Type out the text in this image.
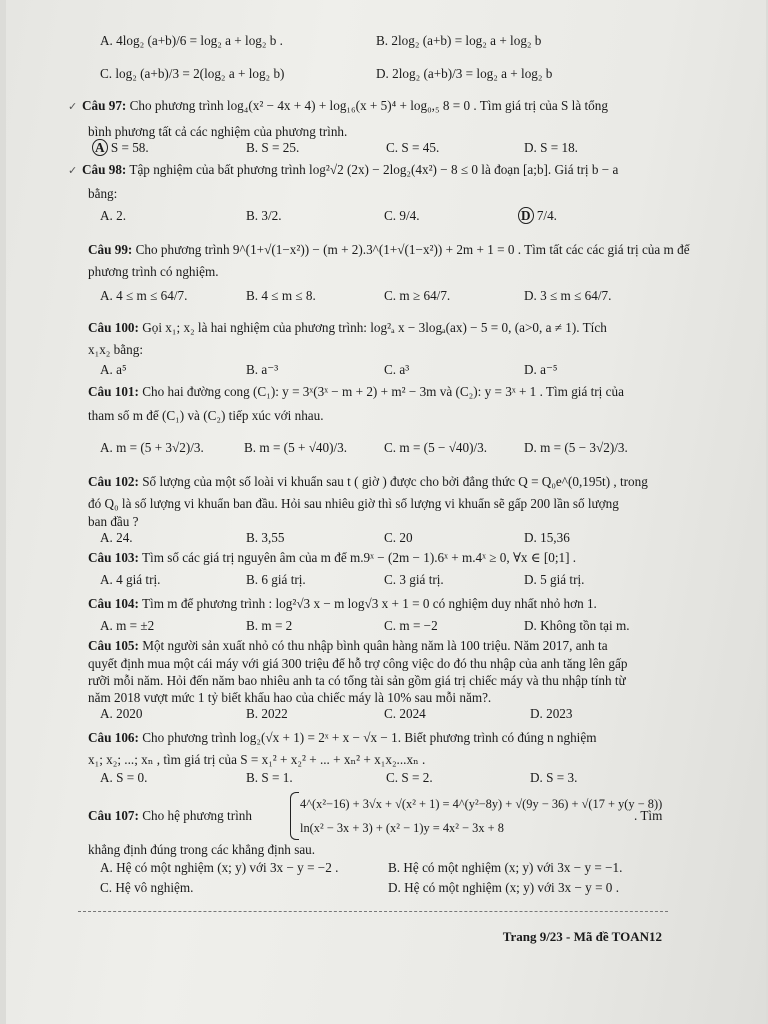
A. 4log₂ (a+b)/6 = log₂ a + log₂ b .	B. 2log₂ (a+b) = log₂ a + log₂ b
C. log₂ (a+b)/3 = 2(log₂ a + log₂ b)	D. 2log₂ (a+b)/3 = log₂ a + log₂ b
Câu 97: Cho phương trình log₄(x² − 4x + 4) + log₁₆(x + 5)⁴ + log₀,₅ 8 = 0 . Tìm giá trị của S là tổng
bình phương tất cả các nghiệm của phương trình.
A S = 58.	B. S = 25.	C. S = 45.	D. S = 18.
Câu 98: Tập nghiệm của bất phương trình log²√2 (2x) − 2log₂(4x²) − 8 ≤ 0 là đoạn [a;b]. Giá trị b − a
bằng:
A. 2.	B. 3/2.	C. 9/4.	D 7/4.
Câu 99: Cho phương trình 9^(1+√(1−x²)) − (m + 2).3^(1+√(1−x²)) + 2m + 1 = 0 . Tìm tất các các giá trị của m để
phương trình có nghiệm.
A. 4 ≤ m ≤ 64/7.	B. 4 ≤ m ≤ 8.	C. m ≥ 64/7.	D. 3 ≤ m ≤ 64/7.
Câu 100: Gọi x₁; x₂ là hai nghiệm của phương trình: log²ₐ x − 3logₐ(ax) − 5 = 0, (a>0, a ≠ 1). Tích
x₁x₂ bằng:
A. a⁵	B. a⁻³	C. a³	D. a⁻⁵
Câu 101: Cho hai đường cong (C₁): y = 3ˣ(3ˣ − m + 2) + m² − 3m và (C₂): y = 3ˣ + 1 . Tìm giá trị của
tham số m để (C₁) và (C₂) tiếp xúc với nhau.
A. m = (5 + 3√2)/3.	B. m = (5 + √40)/3.	C. m = (5 − √40)/3.	D. m = (5 − 3√2)/3.
Câu 102: Số lượng của một số loài vi khuẩn sau t ( giờ ) được cho bởi đẳng thức Q = Q₀e^(0,195t) , trong
đó Q₀ là số lượng vi khuẩn ban đầu. Hỏi sau nhiêu giờ thì số lượng vi khuẩn sẽ gấp 200 lần số lượng
ban đầu ?
A. 24.	B. 3,55	C. 20	D. 15,36
Câu 103: Tìm số các giá trị nguyên âm của m để m.9ˣ − (2m − 1).6ˣ + m.4ˣ ≥ 0, ∀x ∈ [0;1] .
A. 4 giá trị.	B. 6 giá trị.	C. 3 giá trị.	D. 5 giá trị.
Câu 104: Tìm m để phương trình : log²√3 x − m log√3 x + 1 = 0 có nghiệm duy nhất nhỏ hơn 1.
A. m = ±2	B. m = 2	C. m = −2	D. Không tồn tại m.
Câu 105: Một người sản xuất nhỏ có thu nhập bình quân hàng năm là 100 triệu. Năm 2017, anh ta
quyết định mua một cái máy với giá 300 triệu để hỗ trợ công việc do đó thu nhập của anh tăng lên gấp
rưỡi mỗi năm. Hỏi đến năm bao nhiêu anh ta có tổng tài sản gồm giá trị chiếc máy và thu nhập tính từ
năm 2018 vượt mức 1 tỷ biết khấu hao của chiếc máy là 10% sau mỗi năm?.
A. 2020	B. 2022	C. 2024	D. 2023
Câu 106: Cho phương trình log₂(√x + 1) = 2ˣ + x − √x − 1. Biết phương trình có đúng n nghiệm
x₁; x₂; ...; xₙ , tìm giá trị của S = x₁² + x₂² + ... + xₙ² + x₁x₂...xₙ .
A. S = 0.	B. S = 1.	C. S = 2.	D. S = 3.
Câu 107: Cho hệ phương trình
4^(x²−16) + 3√x + √(x² + 1) = 4^(y²−8y) + √(9y − 36) + √(17 + y(y − 8))
ln(x² − 3x + 3) + (x² − 1)y = 4x² − 3x + 8
. Tìm
khẳng định đúng trong các khẳng định sau.
A. Hệ có một nghiệm (x; y) với 3x − y = −2 .	B. Hệ có một nghiệm (x; y) với 3x − y = −1.
C. Hệ vô nghiệm.	D. Hệ có một nghiệm (x; y) với 3x − y = 0 .
Trang 9/23 - Mã đề TOAN12
✓
✓
